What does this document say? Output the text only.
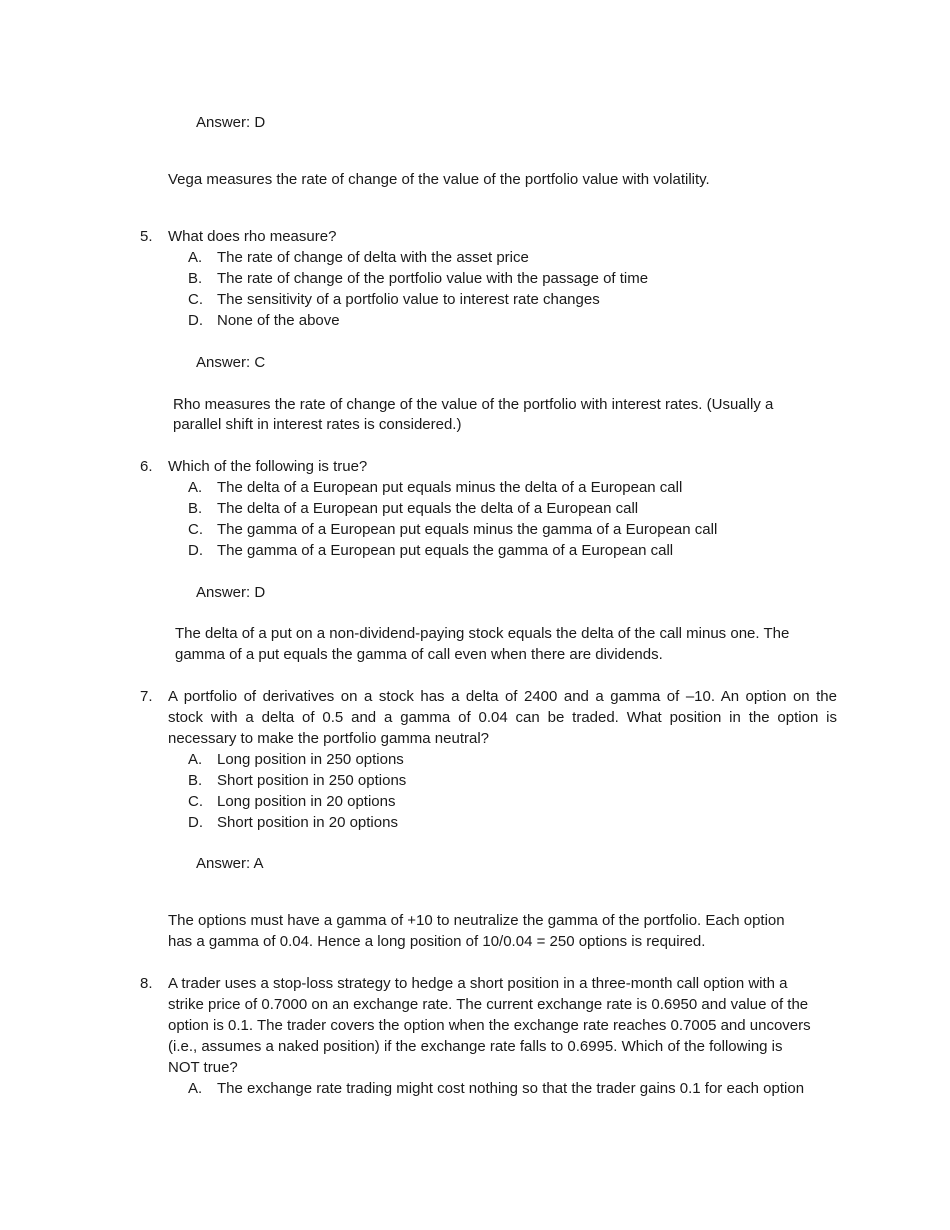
Answer: D
Vega measures the rate of change of the value of the portfolio value with volatility.
5. What does rho measure?
A. The rate of change of delta with the asset price
B. The rate of change of the portfolio value with the passage of time
C. The sensitivity of a portfolio value to interest rate changes
D. None of the above
Answer: C
Rho measures the rate of change of the value of the portfolio with interest rates. (Usually a
parallel shift in interest rates is considered.)
6. Which of the following is true?
A. The delta of a European put equals minus the delta of a European call
B. The delta of a European put equals the delta of a European call
C. The gamma of a European put equals minus the gamma of a European call
D. The gamma of a European put equals the gamma of a European call
Answer: D
The delta of a put on a non-dividend-paying stock equals the delta of the call minus one. The
gamma of a put equals the gamma of call even when there are dividends.
7. A portfolio of derivatives on a stock has a delta of 2400 and a gamma of –10. An option on the
stock with a delta of 0.5 and a gamma of 0.04 can be traded. What position in the option is
necessary to make the portfolio gamma neutral?
A. Long position in 250 options
B. Short position in 250 options
C. Long position in 20 options
D. Short position in 20 options
Answer: A
The options must have a gamma of +10 to neutralize the gamma of the portfolio. Each option
has a gamma of 0.04. Hence a long position of 10/0.04 = 250 options is required.
8. A trader uses a stop-loss strategy to hedge a short position in a three-month call option with a
strike price of 0.7000 on an exchange rate. The current exchange rate is 0.6950 and value of the
option is 0.1. The trader covers the option when the exchange rate reaches 0.7005 and uncovers
(i.e., assumes a naked position) if the exchange rate falls to 0.6995. Which of the following is
NOT true?
A. The exchange rate trading might cost nothing so that the trader gains 0.1 for each option
